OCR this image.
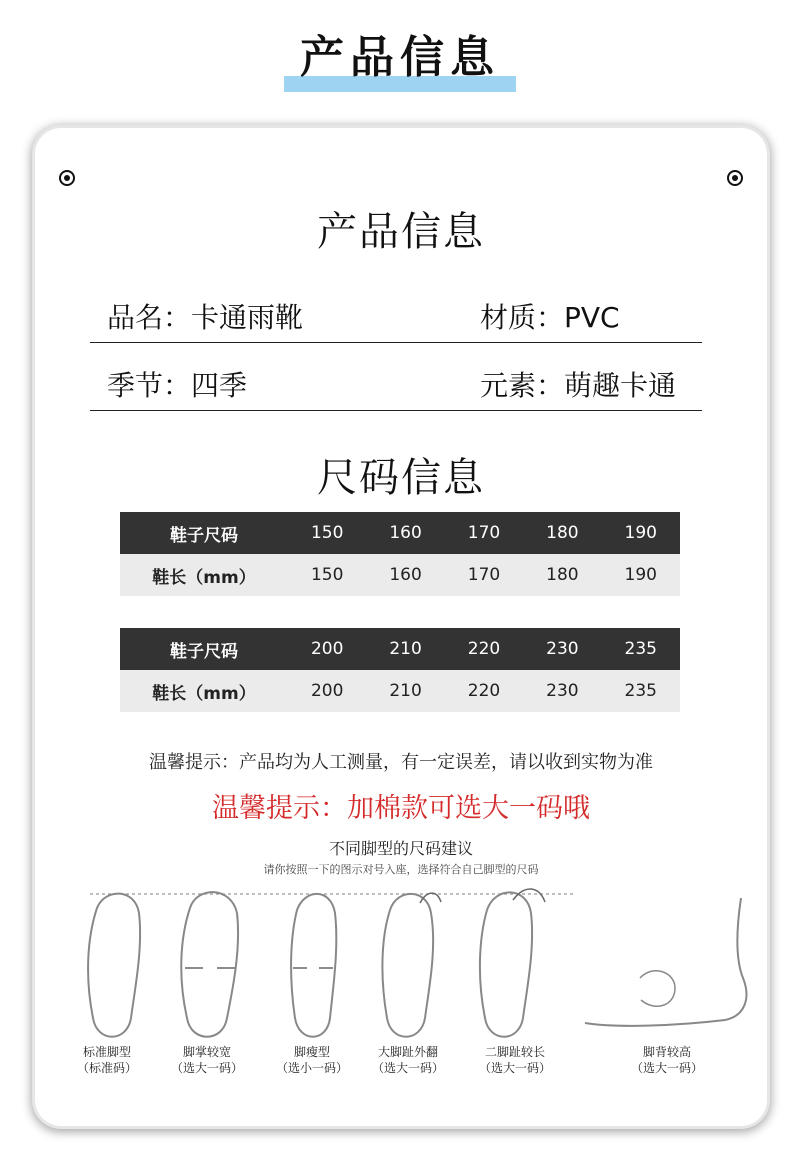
产品信息
产品信息
品名：卡通雨靴	材质：PVC
季节：四季	元素：萌趣卡通
尺码信息
鞋子尺码	150	160	170	180	190
鞋长（mm）	150	160	170	180	190
鞋子尺码	200	210	220	230	235
鞋长（mm）	200	210	220	230	235
温馨提示：产品均为人工测量，有一定误差，请以收到实物为准
温馨提示：加棉款可选大一码哦
不同脚型的尺码建议
请你按照一下的图示对号入座，选择符合自己脚型的尺码
标准脚型
（标准码）
脚掌较宽
（选大一码）
脚瘦型
（选小一码）
大脚趾外翻
（选大一码）
二脚趾较长
（选大一码）
脚背较高
（选大一码）
